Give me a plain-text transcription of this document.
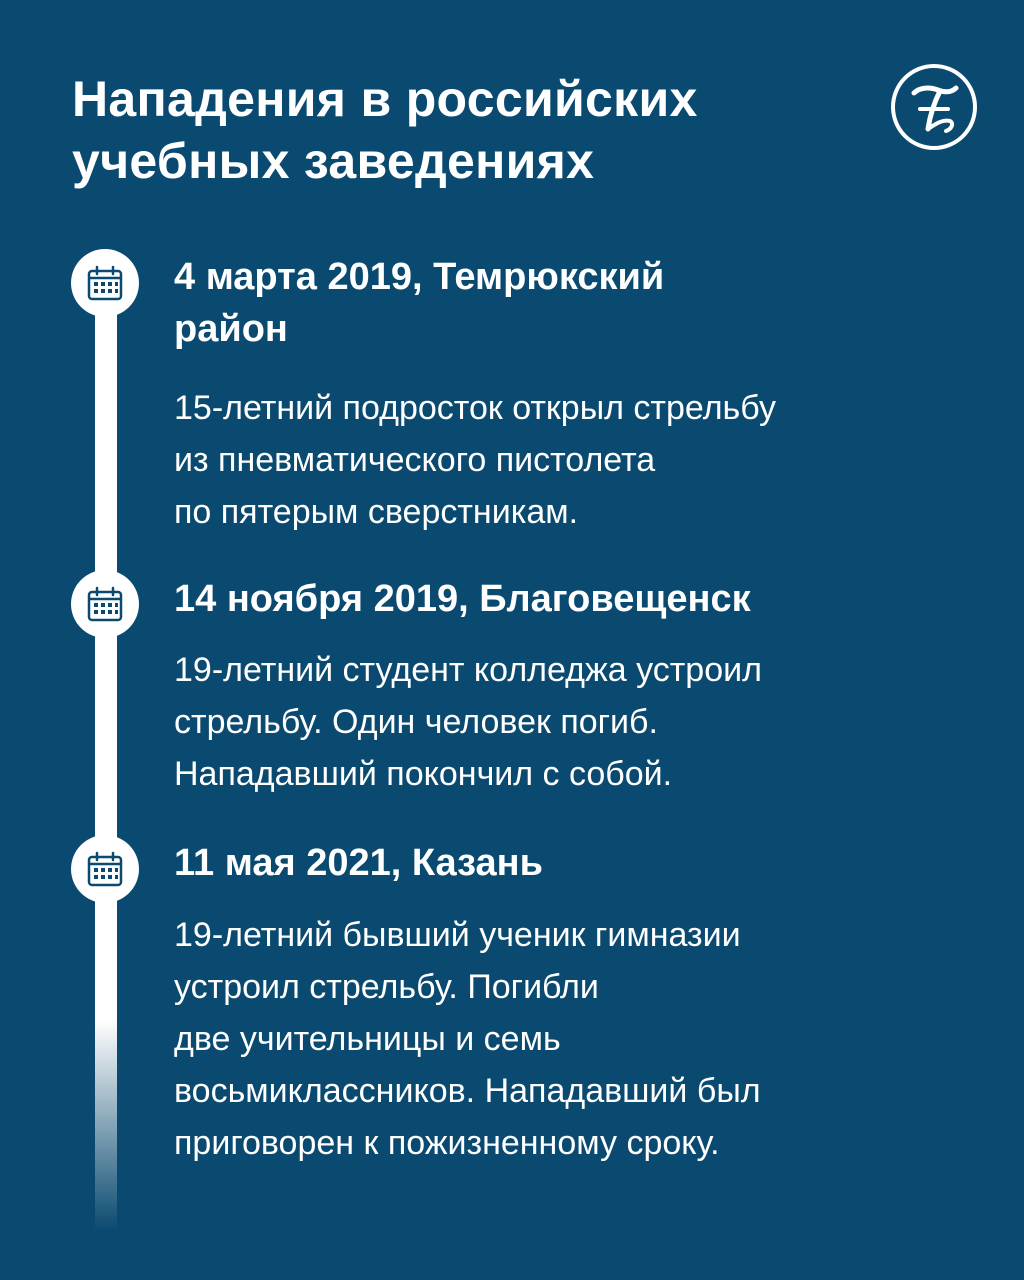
Нападения в российских
учебных заведениях
4 марта 2019, Темрюкский
район

15-летний подросток открыл стрельбу
из пневматического пистолета
по пятерым сверстникам.

14 ноября 2019, Благовещенск

19-летний студент колледжа устроил
стрельбу. Один человек погиб.
Нападавший покончил с собой.

11 мая 2021, Казань

19-летний бывший ученик гимназии
устроил стрельбу. Погибли
две учительницы и семь
восьмиклассников. Нападавший был
приговорен к пожизненному сроку.
